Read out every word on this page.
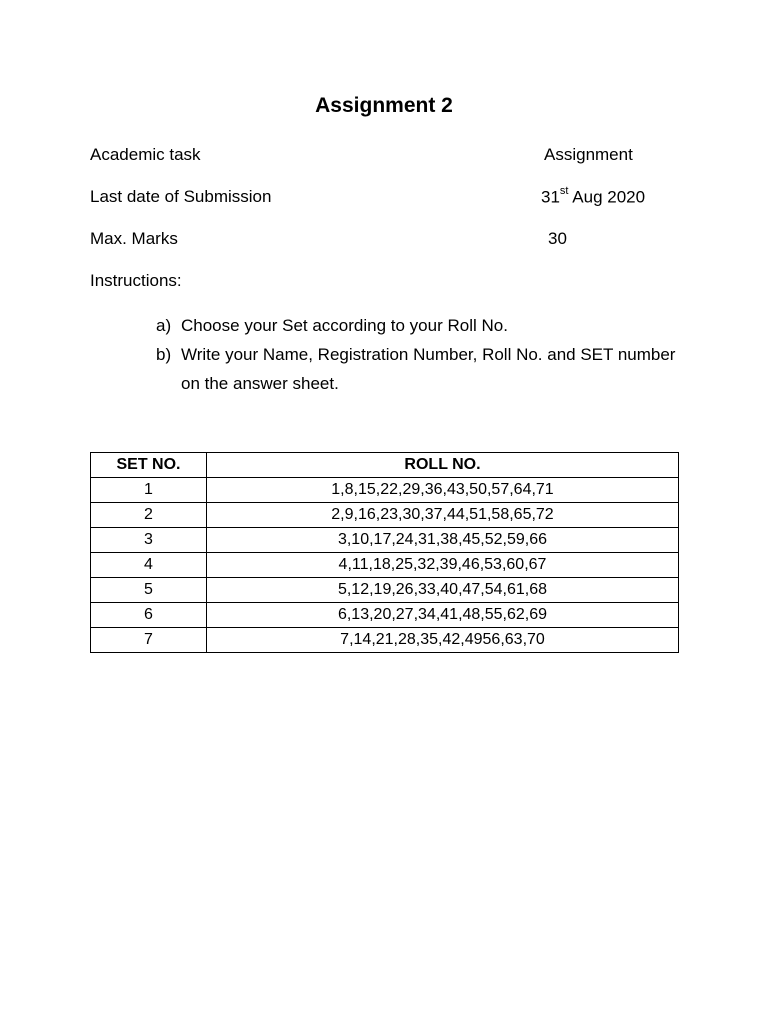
Assignment 2
Academic task	Assignment
Last date of Submission	31st Aug 2020
Max. Marks	30
Instructions:
a) Choose your Set according to your Roll No.
b) Write your Name, Registration Number, Roll No. and SET number on the answer sheet.
SET NO.	ROLL NO.
1	1,8,15,22,29,36,43,50,57,64,71
2	2,9,16,23,30,37,44,51,58,65,72
3	3,10,17,24,31,38,45,52,59,66
4	4,11,18,25,32,39,46,53,60,67
5	5,12,19,26,33,40,47,54,61,68
6	6,13,20,27,34,41,48,55,62,69
7	7,14,21,28,35,42,4956,63,70
